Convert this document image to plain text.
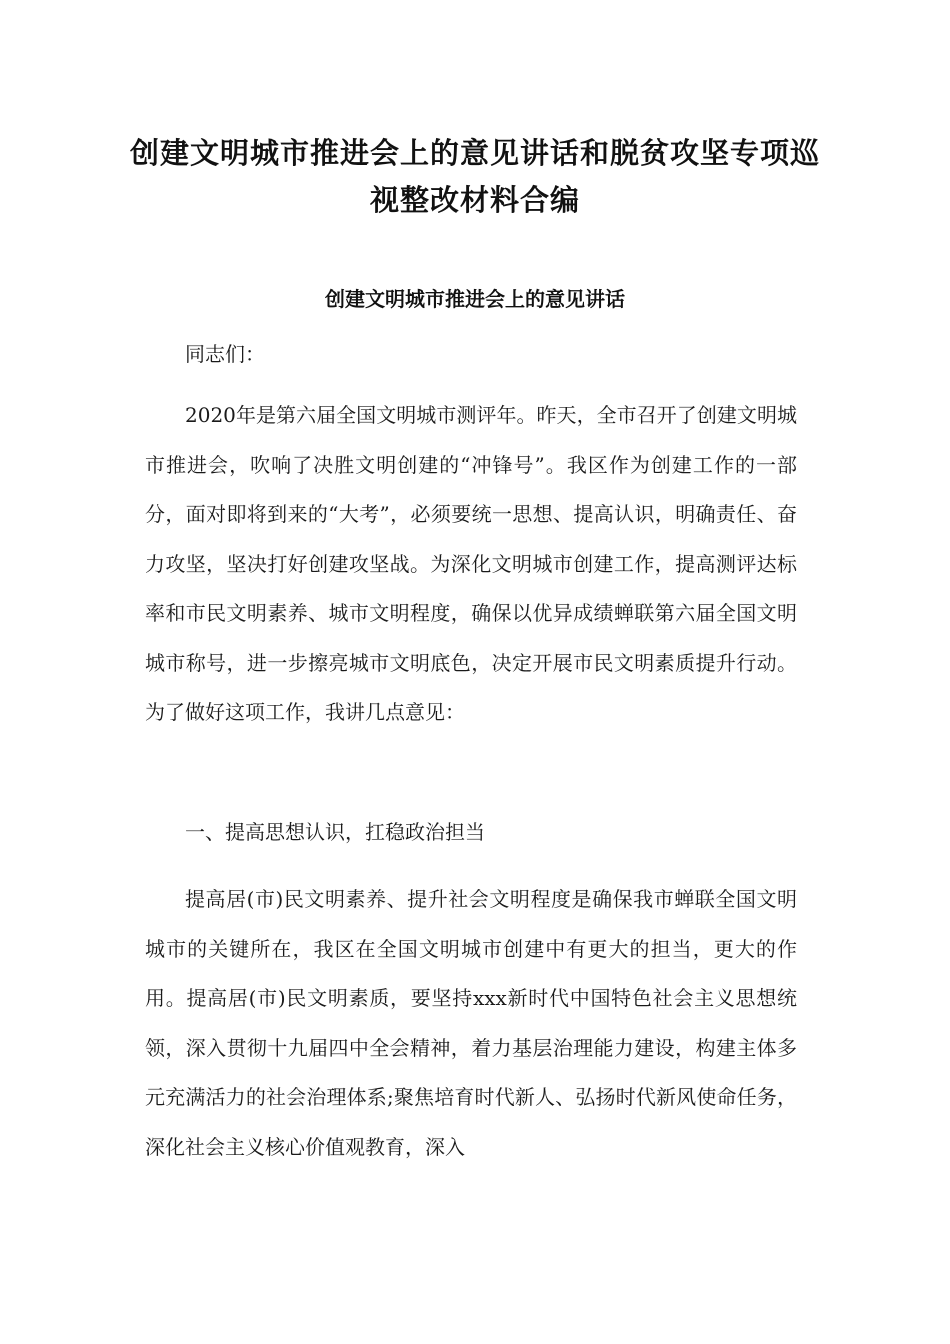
创建文明城市推进会上的意见讲话和脱贫攻坚专项巡视整改材料合编
创建文明城市推进会上的意见讲话

同志们：

2020年是第六届全国文明城市测评年。昨天，全市召开了创建文明城市推进会，吹响了决胜文明创建的“冲锋号”。我区作为创建工作的一部分，面对即将到来的“大考”，必须要统一思想、提高认识，明确责任、奋力攻坚，坚决打好创建攻坚战。为深化文明城市创建工作，提高测评达标率和市民文明素养、城市文明程度，确保以优异成绩蝉联第六届全国文明城市称号，进一步擦亮城市文明底色，决定开展市民文明素质提升行动。为了做好这项工作，我讲几点意见：

一、提高思想认识，扛稳政治担当

提高居(市)民文明素养、提升社会文明程度是确保我市蝉联全国文明城市的关键所在，我区在全国文明城市创建中有更大的担当，更大的作用。提高居(市)民文明素质，要坚持xxx新时代中国特色社会主义思想统领，深入贯彻十九届四中全会精神，着力基层治理能力建设，构建主体多元充满活力的社会治理体系;聚焦培育时代新人、弘扬时代新风使命任务，深化社会主义核心价值观教育，深入
